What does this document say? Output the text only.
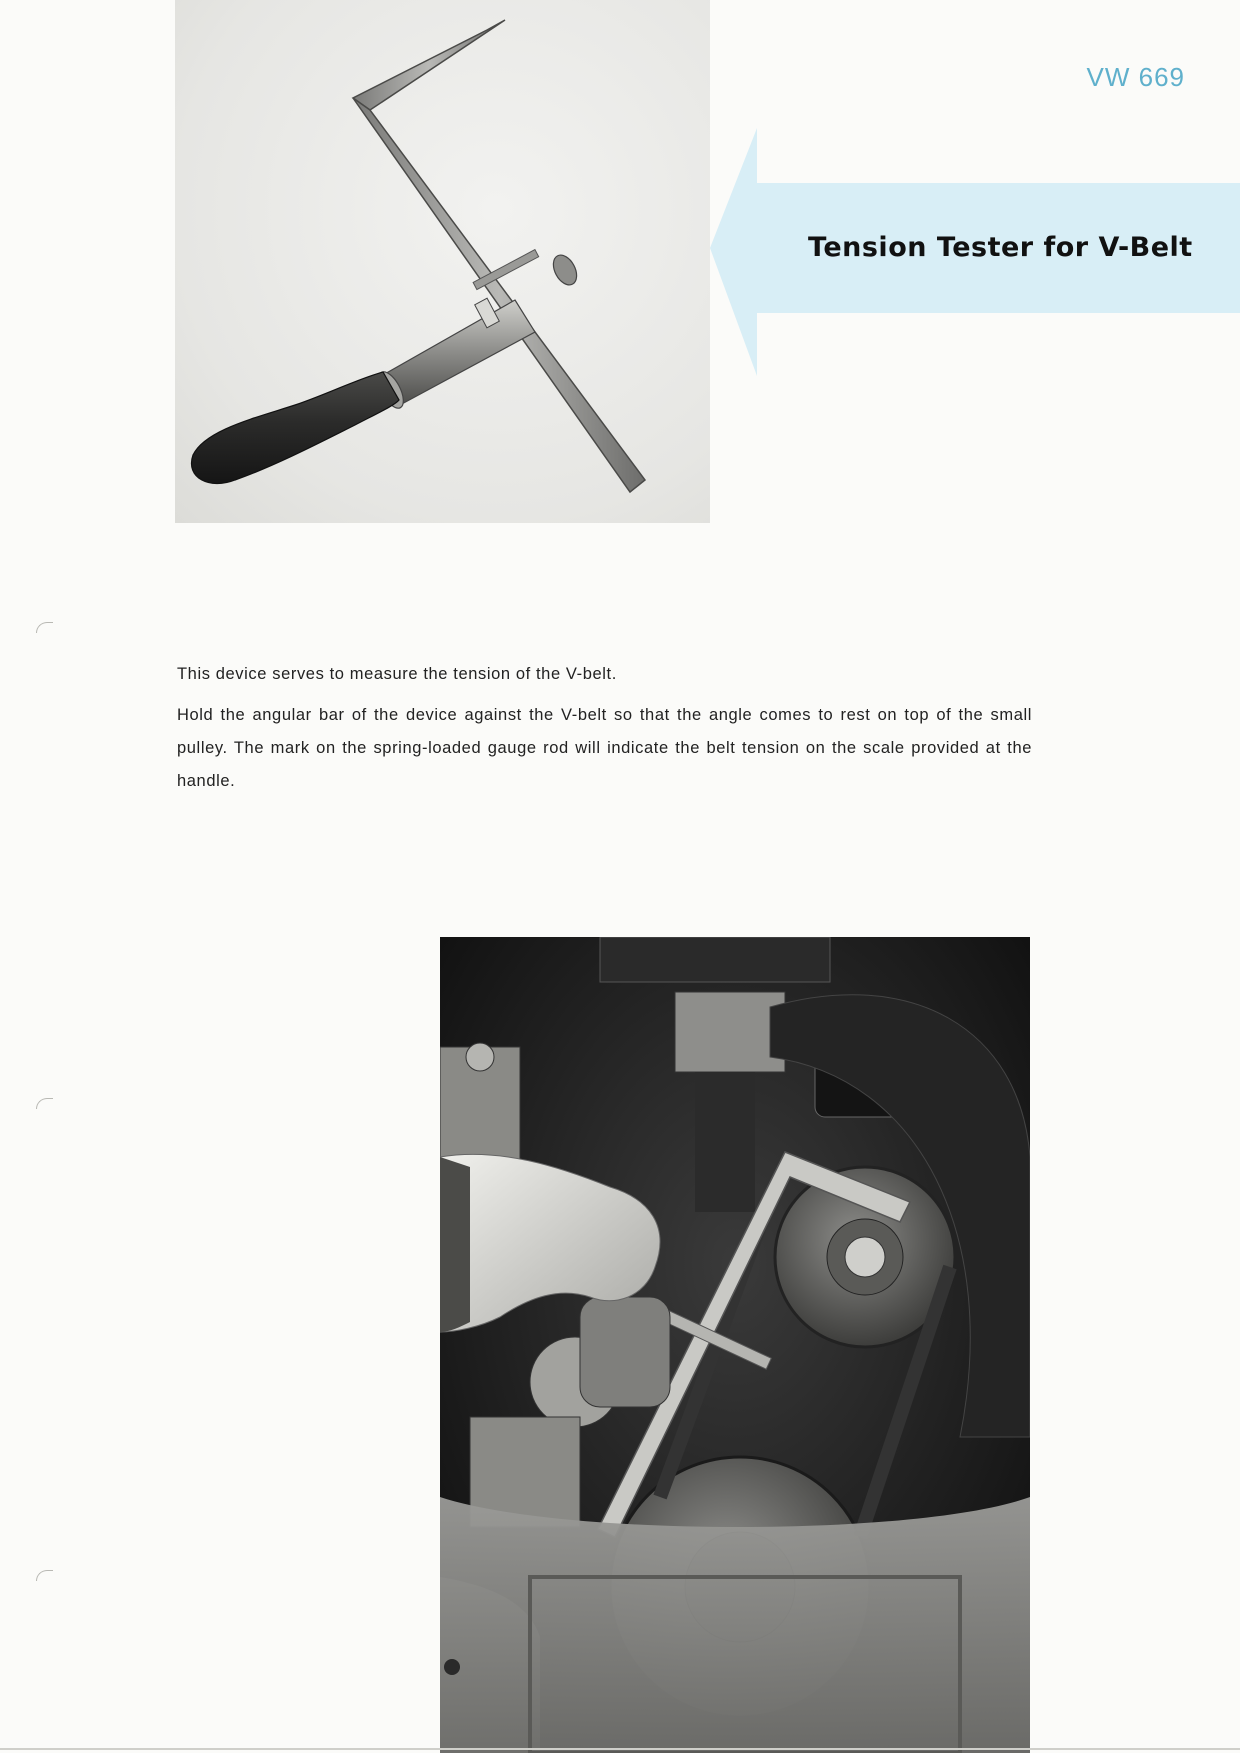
VW 669
Tension Tester for V-Belt

This device serves to measure the tension of the V-belt.

Hold the angular bar of the device against the V-belt so that the angle comes to rest on top of the small pulley. The mark on the spring-loaded gauge rod will indicate the belt tension on the scale provided at the handle.
